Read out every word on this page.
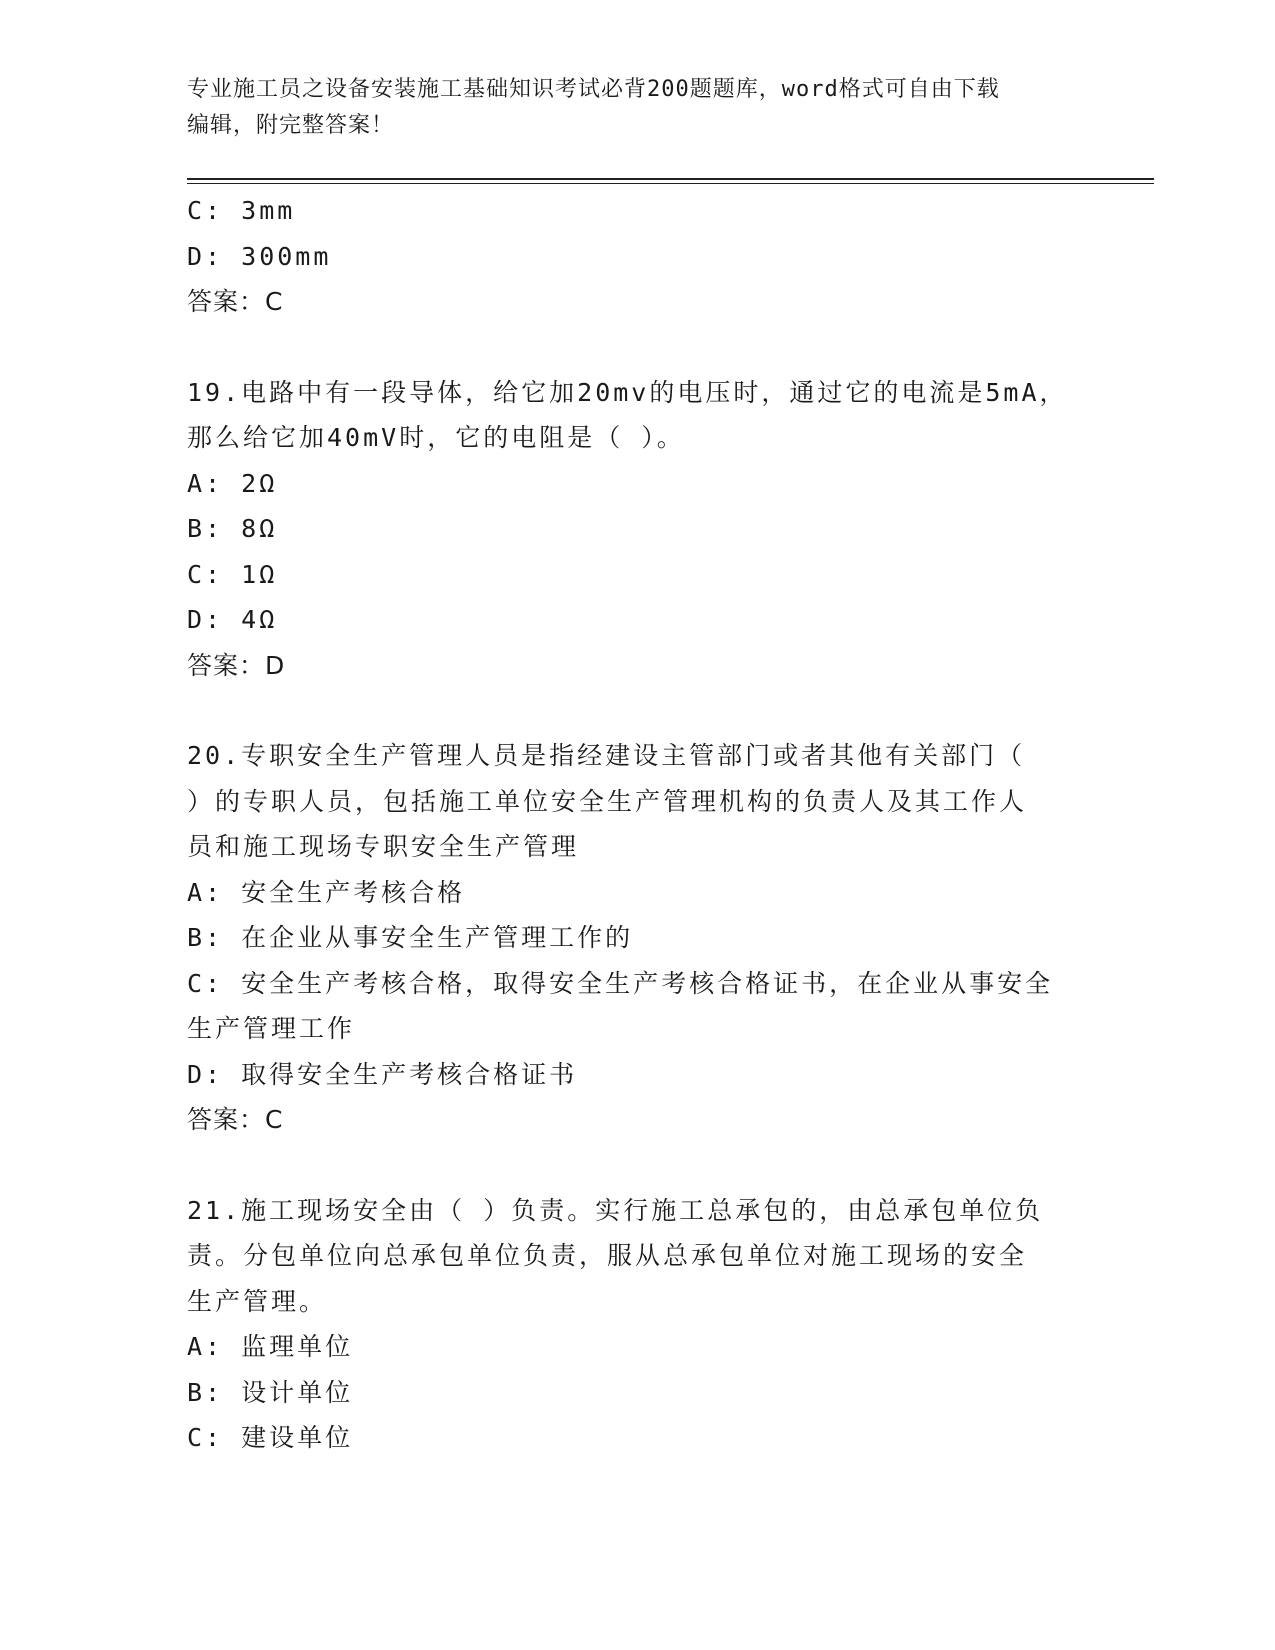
专业施工员之设备安装施工基础知识考试必背200题题库，word格式可自由下载
编辑，附完整答案！
C: 3mm
D: 300mm
答案：C
19.电路中有一段导体，给它加20mv的电压时，通过它的电流是5mA，
那么给它加40mV时，它的电阻是（ ）。
A: 2Ω
B: 8Ω
C: 1Ω
D: 4Ω
答案：D
20.专职安全生产管理人员是指经建设主管部门或者其他有关部门（
）的专职人员，包括施工单位安全生产管理机构的负责人及其工作人
员和施工现场专职安全生产管理
A: 安全生产考核合格
B: 在企业从事安全生产管理工作的
C: 安全生产考核合格，取得安全生产考核合格证书，在企业从事安全
生产管理工作
D: 取得安全生产考核合格证书
答案：C
21.施工现场安全由（ ）负责。实行施工总承包的，由总承包单位负
责。分包单位向总承包单位负责，服从总承包单位对施工现场的安全
生产管理。
A: 监理单位
B: 设计单位
C: 建设单位
